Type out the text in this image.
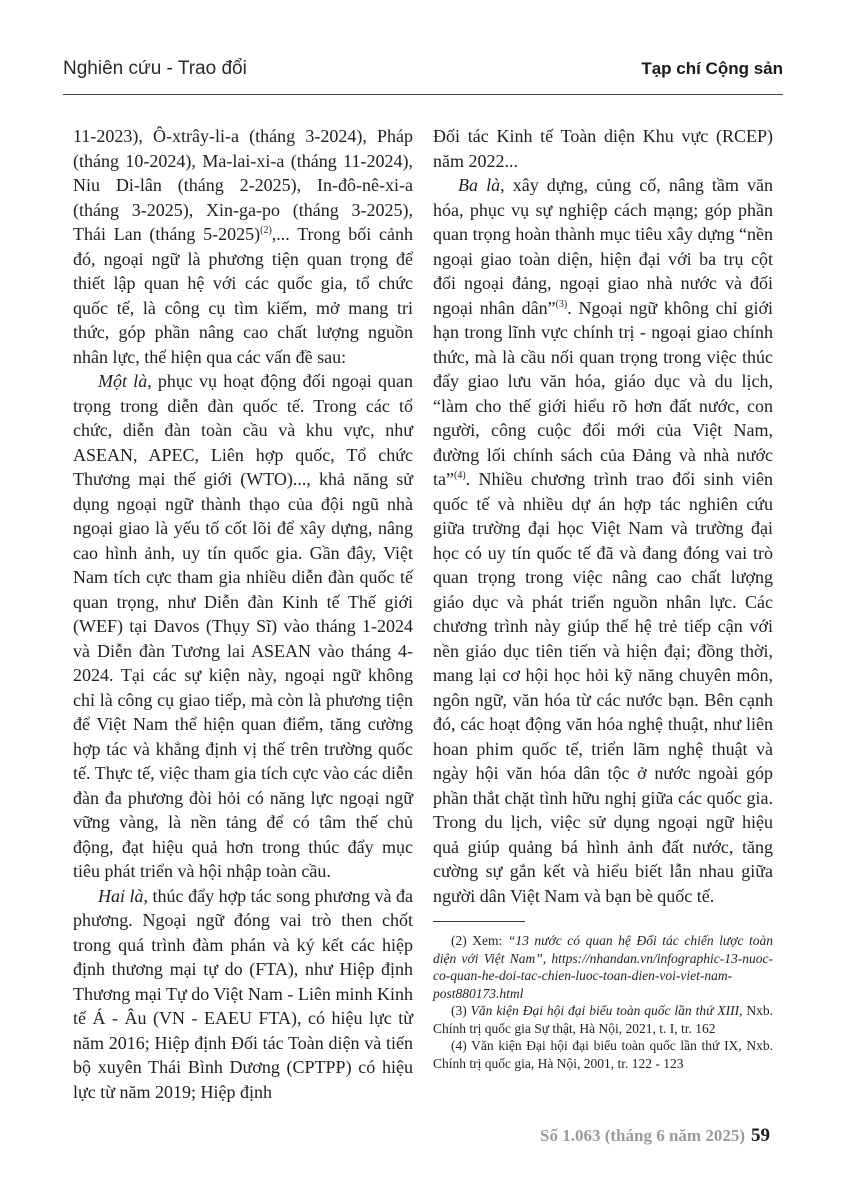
Nghiên cứu - Trao đổi	Tạp chí Cộng sản

11-2023), Ô-xtrây-li-a (tháng 3-2024), Pháp (tháng 10-2024), Ma-lai-xi-a (tháng 11-2024), Niu Di-lân (tháng 2-2025), In-đô-nê-xi-a (tháng 3-2025), Xin-ga-po (tháng 3-2025), Thái Lan (tháng 5-2025)$^{(2)}$,... Trong bối cảnh đó, ngoại ngữ là phương tiện quan trọng để thiết lập quan hệ với các quốc gia, tổ chức quốc tế, là công cụ tìm kiếm, mở mang tri thức, góp phần nâng cao chất lượng nguồn nhân lực, thể hiện qua các vấn đề sau:

Một là, phục vụ hoạt động đối ngoại quan trọng trong diễn đàn quốc tế. Trong các tổ chức, diễn đàn toàn cầu và khu vực, như ASEAN, APEC, Liên hợp quốc, Tổ chức Thương mại thế giới (WTO)..., khả năng sử dụng ngoại ngữ thành thạo của đội ngũ nhà ngoại giao là yếu tố cốt lõi để xây dựng, nâng cao hình ảnh, uy tín quốc gia. Gần đây, Việt Nam tích cực tham gia nhiều diễn đàn quốc tế quan trọng, như Diễn đàn Kinh tế Thế giới (WEF) tại Davos (Thụy Sĩ) vào tháng 1-2024 và Diễn đàn Tương lai ASEAN vào tháng 4-2024. Tại các sự kiện này, ngoại ngữ không chỉ là công cụ giao tiếp, mà còn là phương tiện để Việt Nam thể hiện quan điểm, tăng cường hợp tác và khẳng định vị thế trên trường quốc tế. Thực tế, việc tham gia tích cực vào các diễn đàn đa phương đòi hỏi có năng lực ngoại ngữ vững vàng, là nền tảng để có tâm thế chủ động, đạt hiệu quả hơn trong thúc đẩy mục tiêu phát triển và hội nhập toàn cầu.

Hai là, thúc đẩy hợp tác song phương và đa phương. Ngoại ngữ đóng vai trò then chốt trong quá trình đàm phán và ký kết các hiệp định thương mại tự do (FTA), như Hiệp định Thương mại Tự do Việt Nam - Liên minh Kinh tế Á - Âu (VN - EAEU FTA), có hiệu lực từ năm 2016; Hiệp định Đối tác Toàn diện và tiến bộ xuyên Thái Bình Dương (CPTPP) có hiệu lực từ năm 2019; Hiệp định

Đối tác Kinh tế Toàn diện Khu vực (RCEP) năm 2022...

Ba là, xây dựng, củng cố, nâng tầm văn hóa, phục vụ sự nghiệp cách mạng; góp phần quan trọng hoàn thành mục tiêu xây dựng “nền ngoại giao toàn diện, hiện đại với ba trụ cột đối ngoại đảng, ngoại giao nhà nước và đối ngoại nhân dân”$^{(3)}$. Ngoại ngữ không chỉ giới hạn trong lĩnh vực chính trị - ngoại giao chính thức, mà là cầu nối quan trọng trong việc thúc đẩy giao lưu văn hóa, giáo dục và du lịch, “làm cho thế giới hiểu rõ hơn đất nước, con người, công cuộc đổi mới của Việt Nam, đường lối chính sách của Đảng và nhà nước ta”$^{(4)}$. Nhiều chương trình trao đổi sinh viên quốc tế và nhiều dự án hợp tác nghiên cứu giữa trường đại học Việt Nam và trường đại học có uy tín quốc tế đã và đang đóng vai trò quan trọng trong việc nâng cao chất lượng giáo dục và phát triển nguồn nhân lực. Các chương trình này giúp thế hệ trẻ tiếp cận với nền giáo dục tiên tiến và hiện đại; đồng thời, mang lại cơ hội học hỏi kỹ năng chuyên môn, ngôn ngữ, văn hóa từ các nước bạn. Bên cạnh đó, các hoạt động văn hóa nghệ thuật, như liên hoan phim quốc tế, triển lãm nghệ thuật và ngày hội văn hóa dân tộc ở nước ngoài góp phần thắt chặt tình hữu nghị giữa các quốc gia. Trong du lịch, việc sử dụng ngoại ngữ hiệu quả giúp quảng bá hình ảnh đất nước, tăng cường sự gắn kết và hiểu biết lẫn nhau giữa người dân Việt Nam và bạn bè quốc tế.

(2) Xem: “13 nước có quan hệ Đối tác chiến lược toàn diện với Việt Nam”, https://nhandan.vn/infographic-13-nuoc-co-quan-he-doi-tac-chien-luoc-toan-dien-voi-viet-nam-post880173.html

(3) Văn kiện Đại hội đại biểu toàn quốc lần thứ XIII, Nxb. Chính trị quốc gia Sự thật, Hà Nội, 2021, t. I, tr. 162

(4) Văn kiện Đại hội đại biểu toàn quốc lần thứ IX, Nxb. Chính trị quốc gia, Hà Nội, 2001, tr. 122 - 123

Số 1.063 (tháng 6 năm 2025) 59
